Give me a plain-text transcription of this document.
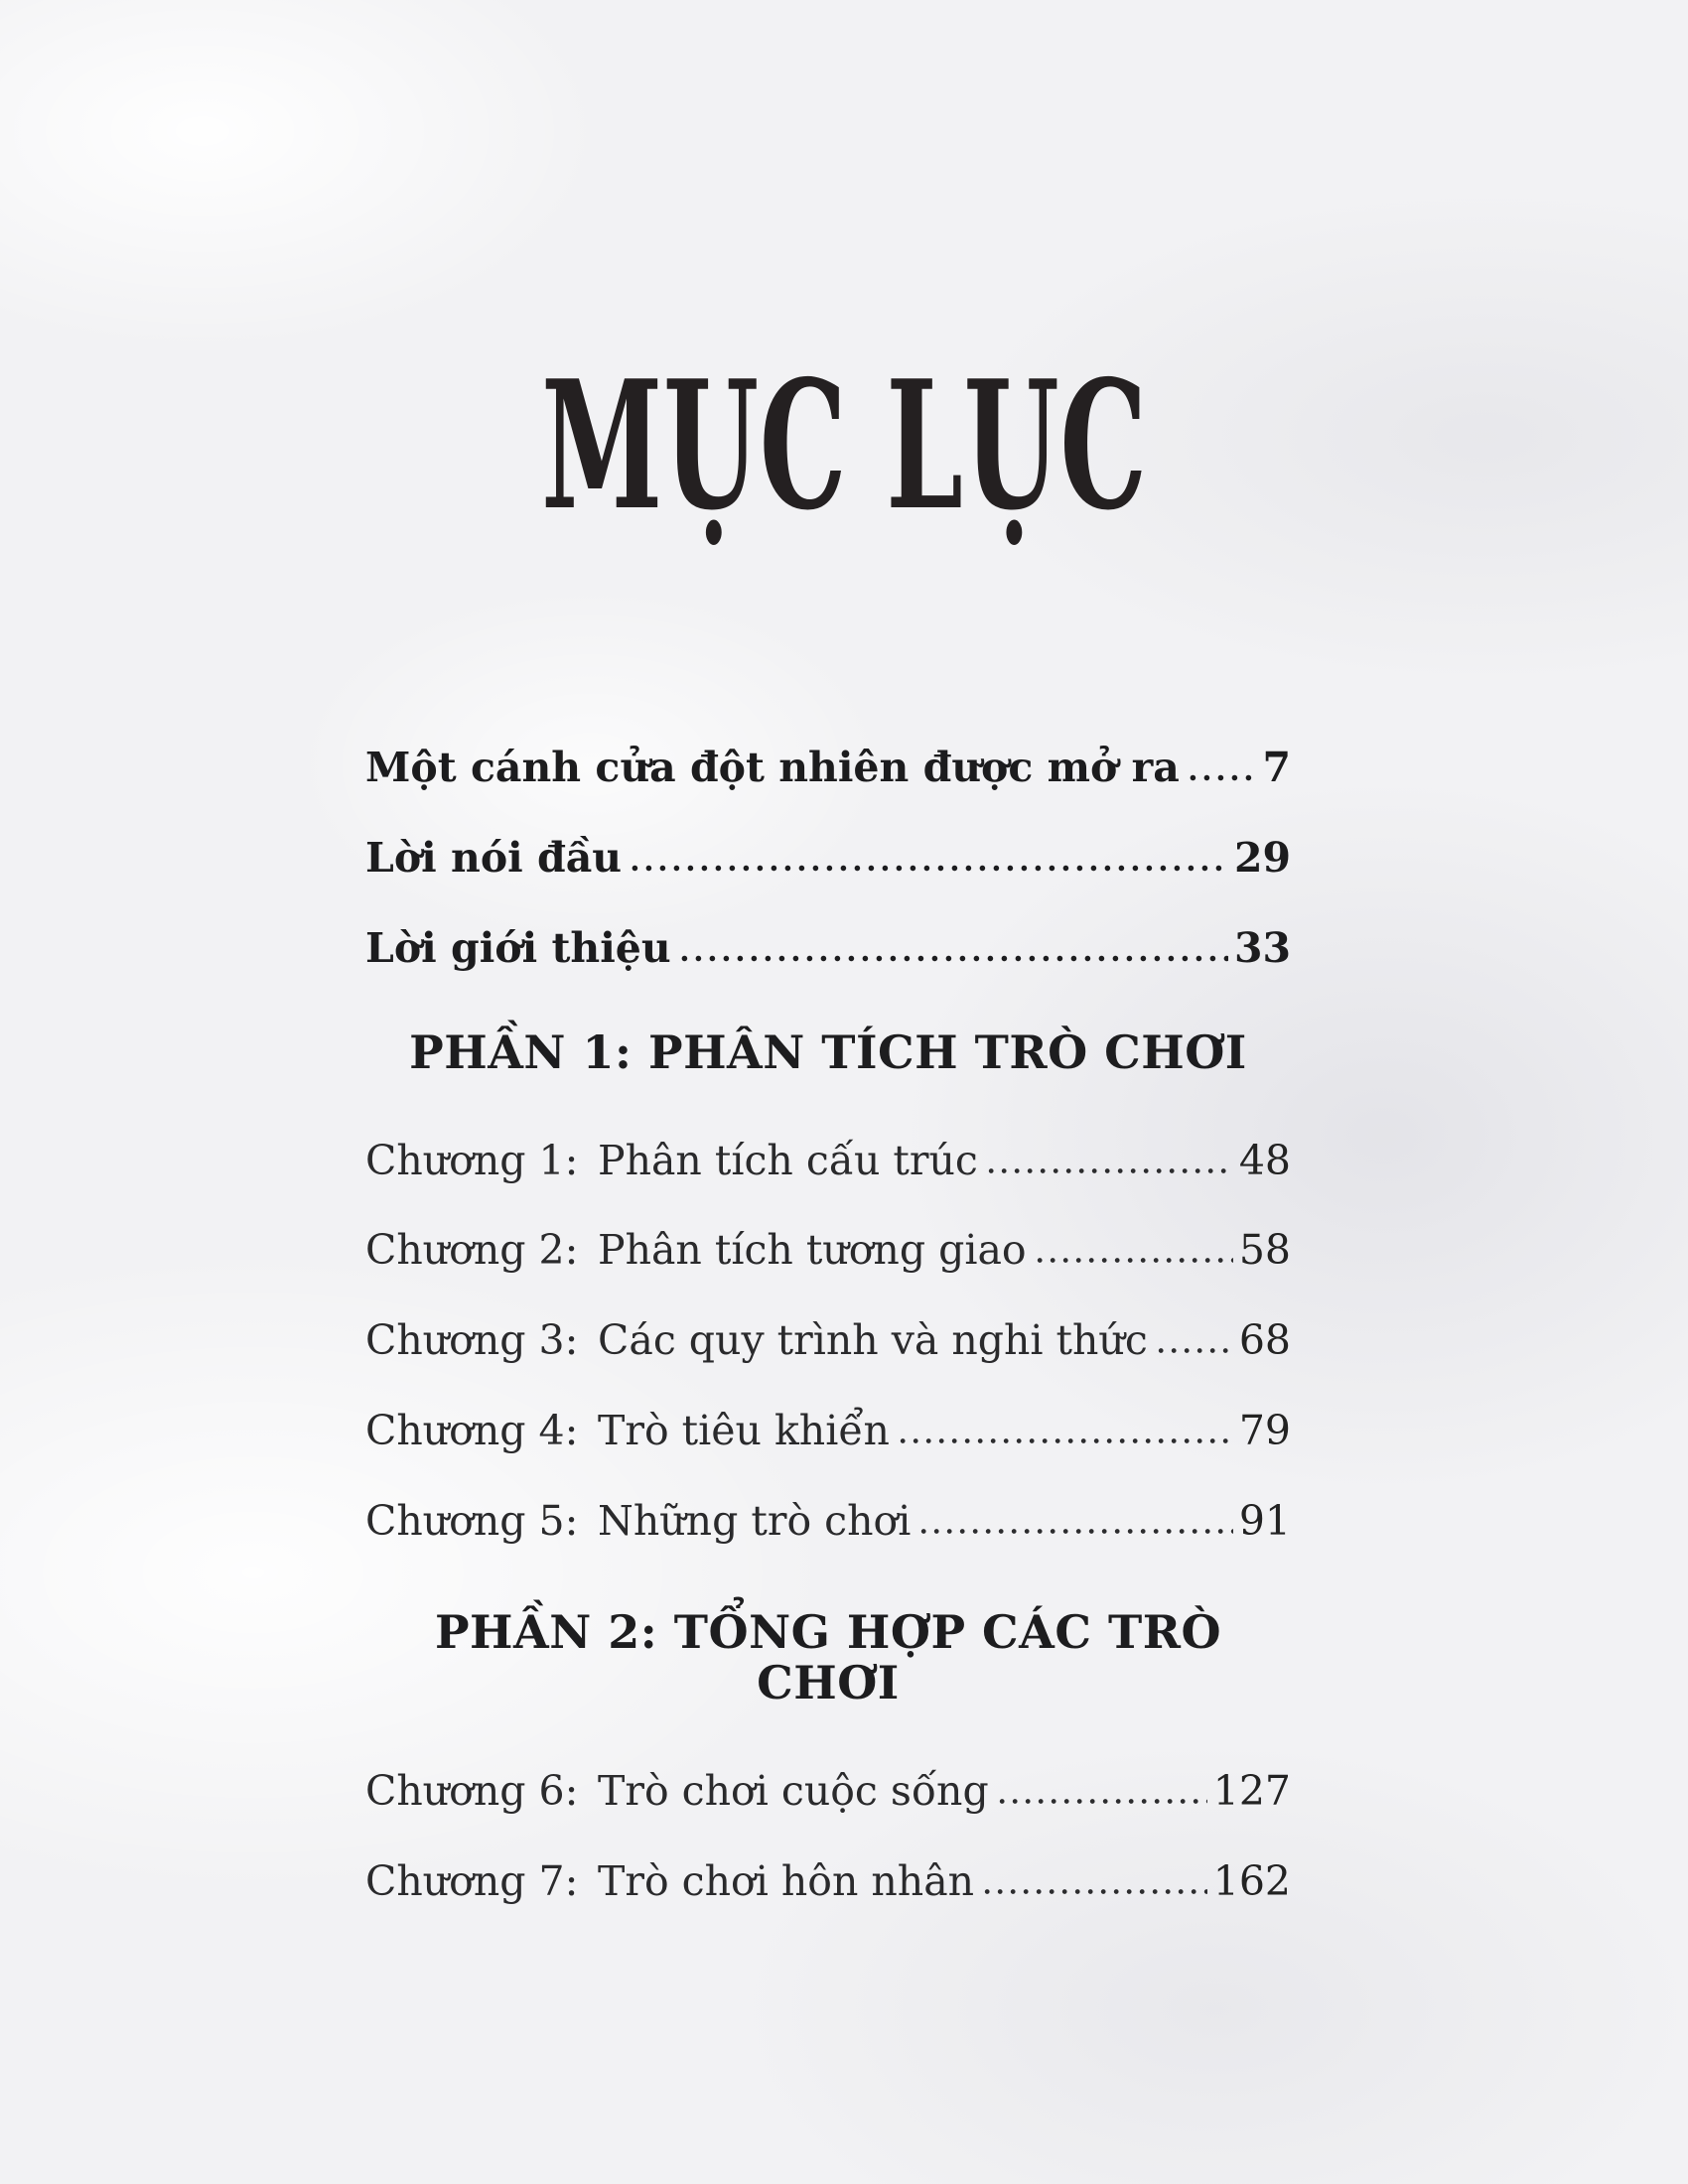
MỤC LỤC
Một cánh cửa đột nhiên được mở ra 7
Lời nói đầu	29
Lời giới thiệu	33
PHẦN 1: PHÂN TÍCH TRÒ CHƠI
Chương 1: Phân tích cấu trúc	48
Chương 2: Phân tích tương giao	58
Chương 3: Các quy trình và nghi thức 68
Chương 4: Trò tiêu khiển	79
Chương 5: Những trò chơi	91
PHẦN 2: TỔNG HỢP CÁC TRÒ CHƠI
Chương 6: Trò chơi cuộc sống	127
Chương 7: Trò chơi hôn nhân	162
